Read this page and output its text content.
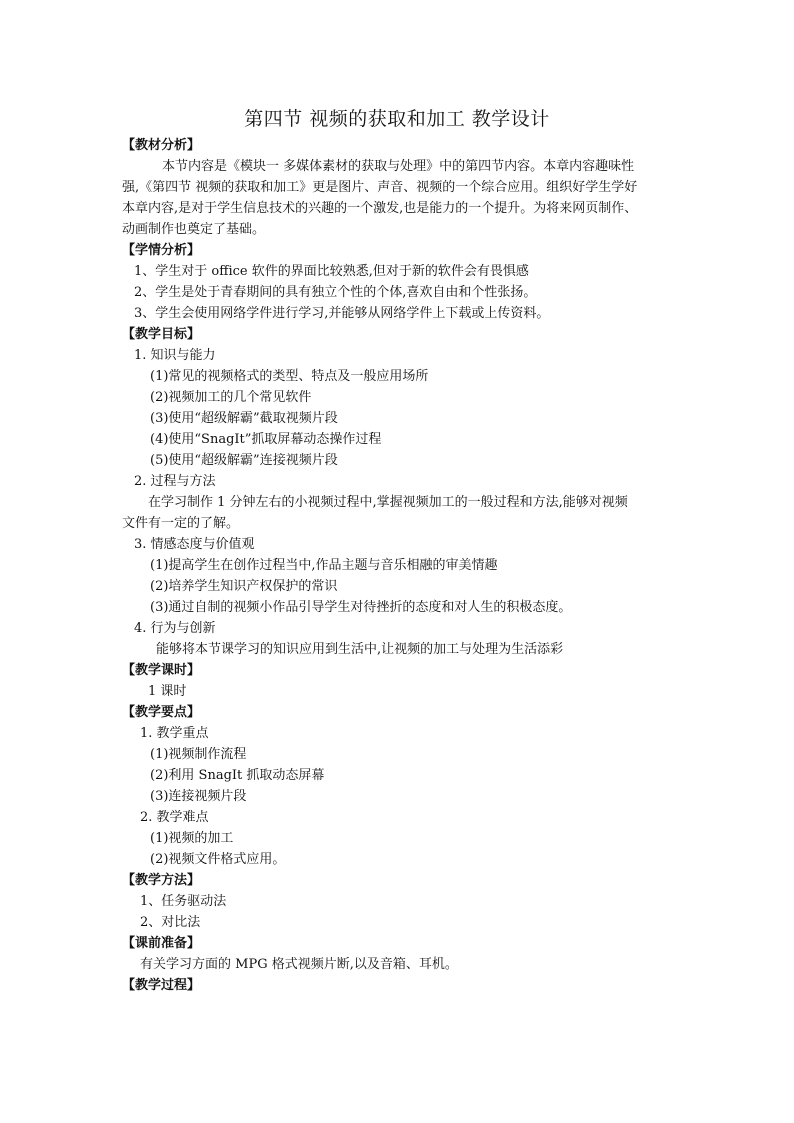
第四节 视频的获取和加工 教学设计
【教材分析】
本节内容是《模块一 多媒体素材的获取与处理》中的第四节内容。本章内容趣味性
强,《第四节 视频的获取和加工》更是图片、声音、视频的一个综合应用。组织好学生学好
本章内容,是对于学生信息技术的兴趣的一个激发,也是能力的一个提升。为将来网页制作、
动画制作也奠定了基础。
【学情分析】
1、学生对于 office 软件的界面比较熟悉,但对于新的软件会有畏惧感
2、学生是处于青春期间的具有独立个性的个体,喜欢自由和个性张扬。
3、学生会使用网络学件进行学习,并能够从网络学件上下载或上传资料。
【教学目标】
1. 知识与能力
(1)常见的视频格式的类型、特点及一般应用场所
(2)视频加工的几个常见软件
(3)使用“超级解霸”截取视频片段
(4)使用“SnagIt”抓取屏幕动态操作过程
(5)使用“超级解霸”连接视频片段
2. 过程与方法
在学习制作 1 分钟左右的小视频过程中,掌握视频加工的一般过程和方法,能够对视频
文件有一定的了解。
3. 情感态度与价值观
(1)提高学生在创作过程当中,作品主题与音乐相融的审美情趣
(2)培养学生知识产权保护的常识
(3)通过自制的视频小作品引导学生对待挫折的态度和对人生的积极态度。
4. 行为与创新
能够将本节课学习的知识应用到生活中,让视频的加工与处理为生活添彩
【教学课时】
1 课时
【教学要点】
1. 教学重点
(1)视频制作流程
(2)利用 SnagIt 抓取动态屏幕
(3)连接视频片段
2. 教学难点
(1)视频的加工
(2)视频文件格式应用。
【教学方法】
1、任务驱动法
2、对比法
【课前准备】
有关学习方面的 MPG 格式视频片断,以及音箱、耳机。
【教学过程】
